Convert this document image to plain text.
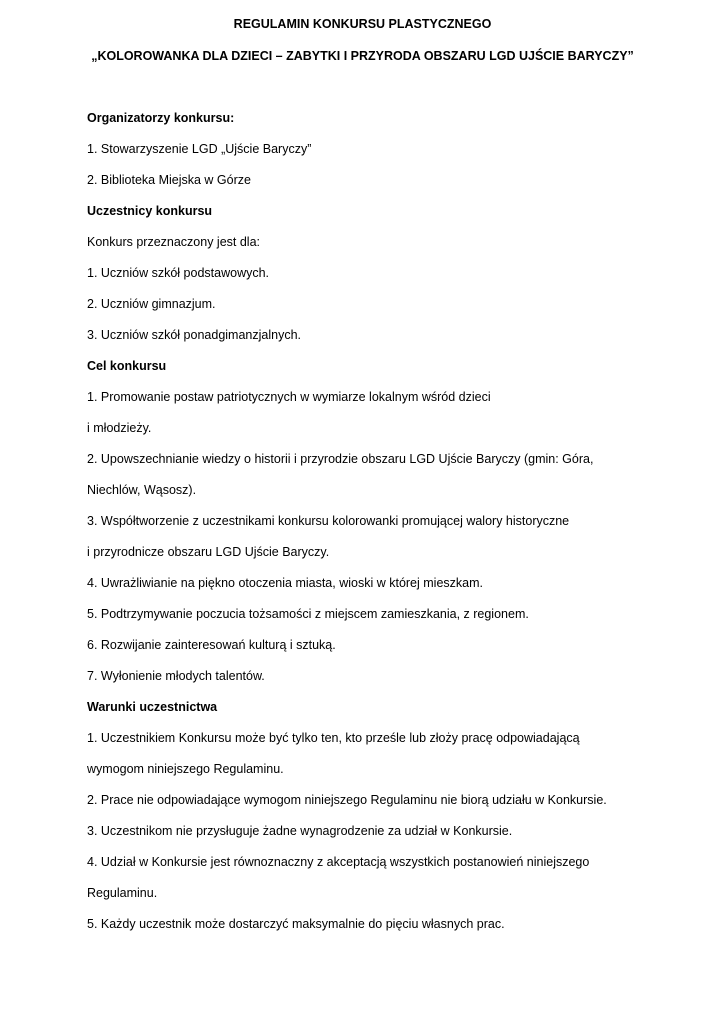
REGULAMIN KONKURSU PLASTYCZNEGO
„KOLOROWANKA DLA DZIECI – ZABYTKI I PRZYRODA OBSZARU LGD UJŚCIE BARYCZY”
Organizatorzy konkursu:
1. Stowarzyszenie LGD „Ujście Baryczy”
2. Biblioteka Miejska w Górze
Uczestnicy konkursu
Konkurs przeznaczony jest dla:
1. Uczniów szkół podstawowych.
2. Uczniów gimnazjum.
3. Uczniów szkół ponadgimanzjalnych.
Cel konkursu
1. Promowanie postaw patriotycznych w wymiarze lokalnym wśród dzieci
i młodzieży.
2. Upowszechnianie wiedzy o historii i przyrodzie obszaru LGD Ujście Baryczy (gmin: Góra,
Niechlów, Wąsosz).
3. Współtworzenie z uczestnikami konkursu kolorowanki promującej walory historyczne
i przyrodnicze obszaru LGD Ujście Baryczy.
4. Uwrażliwianie na piękno otoczenia miasta, wioski w której mieszkam.
5. Podtrzymywanie poczucia tożsamości z miejscem zamieszkania, z regionem.
6. Rozwijanie zainteresowań kulturą i sztuką.
7. Wyłonienie młodych talentów.
Warunki uczestnictwa
1. Uczestnikiem Konkursu może być tylko ten, kto prześle lub złoży pracę odpowiadającą
wymogom niniejszego Regulaminu.
2. Prace nie odpowiadające wymogom niniejszego Regulaminu nie biorą udziału w Konkursie.
3. Uczestnikom nie przysługuje żadne wynagrodzenie za udział w Konkursie.
4. Udział w Konkursie jest równoznaczny z akceptacją wszystkich postanowień niniejszego
Regulaminu.
5. Każdy uczestnik może dostarczyć maksymalnie do pięciu własnych prac.
